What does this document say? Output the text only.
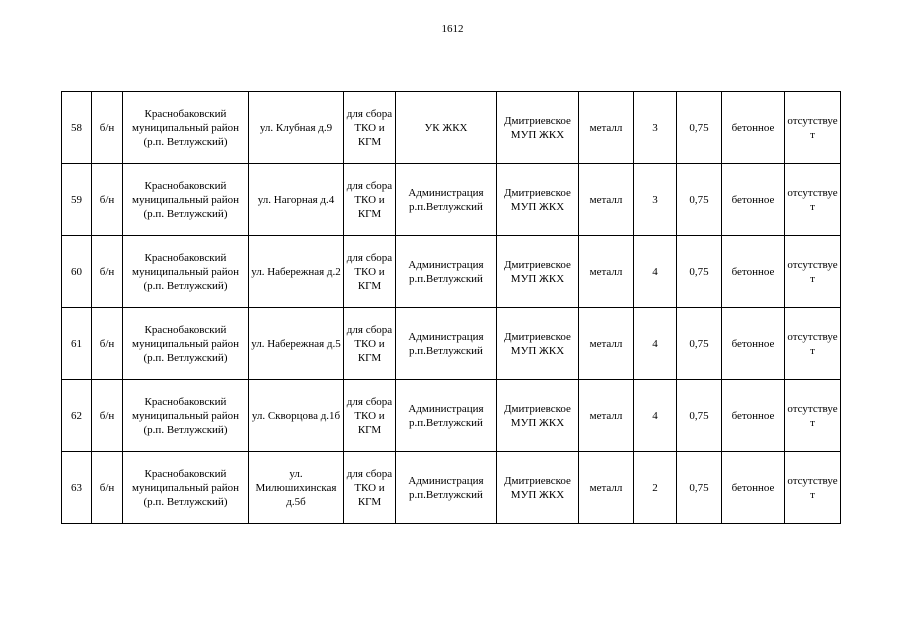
1612
58	б/н	Краснобаковский муниципальный район (р.п. Ветлужский)	ул. Клубная д.9	для сбора ТКО и КГМ	УК ЖКХ	Дмитриевское МУП ЖКХ	металл	3	0,75	бетонное	отсутствует
59	б/н	Краснобаковский муниципальный район (р.п. Ветлужский)	ул. Нагорная д.4	для сбора ТКО и КГМ	Администрация р.п.Ветлужский	Дмитриевское МУП ЖКХ	металл	3	0,75	бетонное	отсутствует
60	б/н	Краснобаковский муниципальный район (р.п. Ветлужский)	ул. Набережная д.2	для сбора ТКО и КГМ	Администрация р.п.Ветлужский	Дмитриевское МУП ЖКХ	металл	4	0,75	бетонное	отсутствует
61	б/н	Краснобаковский муниципальный район (р.п. Ветлужский)	ул. Набережная д.5	для сбора ТКО и КГМ	Администрация р.п.Ветлужский	Дмитриевское МУП ЖКХ	металл	4	0,75	бетонное	отсутствует
62	б/н	Краснобаковский муниципальный район (р.п. Ветлужский)	ул. Скворцова д.1б	для сбора ТКО и КГМ	Администрация р.п.Ветлужский	Дмитриевское МУП ЖКХ	металл	4	0,75	бетонное	отсутствует
63	б/н	Краснобаковский муниципальный район (р.п. Ветлужский)	ул. Милюшихинская д.5б	для сбора ТКО и КГМ	Администрация р.п.Ветлужский	Дмитриевское МУП ЖКХ	металл	2	0,75	бетонное	отсутствует
